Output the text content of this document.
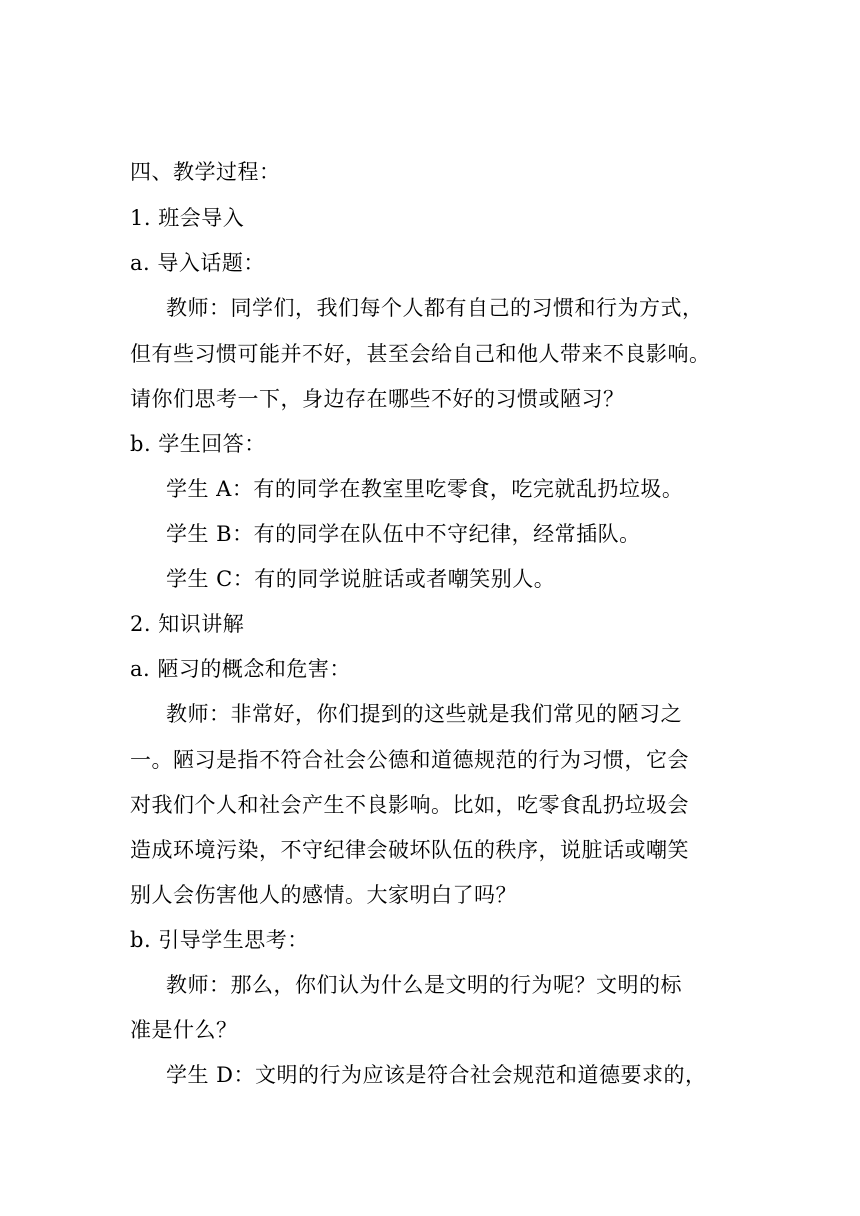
四、教学过程：
1. 班会导入
a. 导入话题：
教师：同学们，我们每个人都有自己的习惯和行为方式，
但有些习惯可能并不好，甚至会给自己和他人带来不良影响。
请你们思考一下，身边存在哪些不好的习惯或陋习？
b. 学生回答：
学生 A：有的同学在教室里吃零食，吃完就乱扔垃圾。
学生 B：有的同学在队伍中不守纪律，经常插队。
学生 C：有的同学说脏话或者嘲笑别人。
2. 知识讲解
a. 陋习的概念和危害：
教师：非常好，你们提到的这些就是我们常见的陋习之
一。陋习是指不符合社会公德和道德规范的行为习惯，它会
对我们个人和社会产生不良影响。比如，吃零食乱扔垃圾会
造成环境污染，不守纪律会破坏队伍的秩序，说脏话或嘲笑
别人会伤害他人的感情。大家明白了吗？
b. 引导学生思考：
教师：那么，你们认为什么是文明的行为呢？文明的标
准是什么？
学生 D：文明的行为应该是符合社会规范和道德要求的，
